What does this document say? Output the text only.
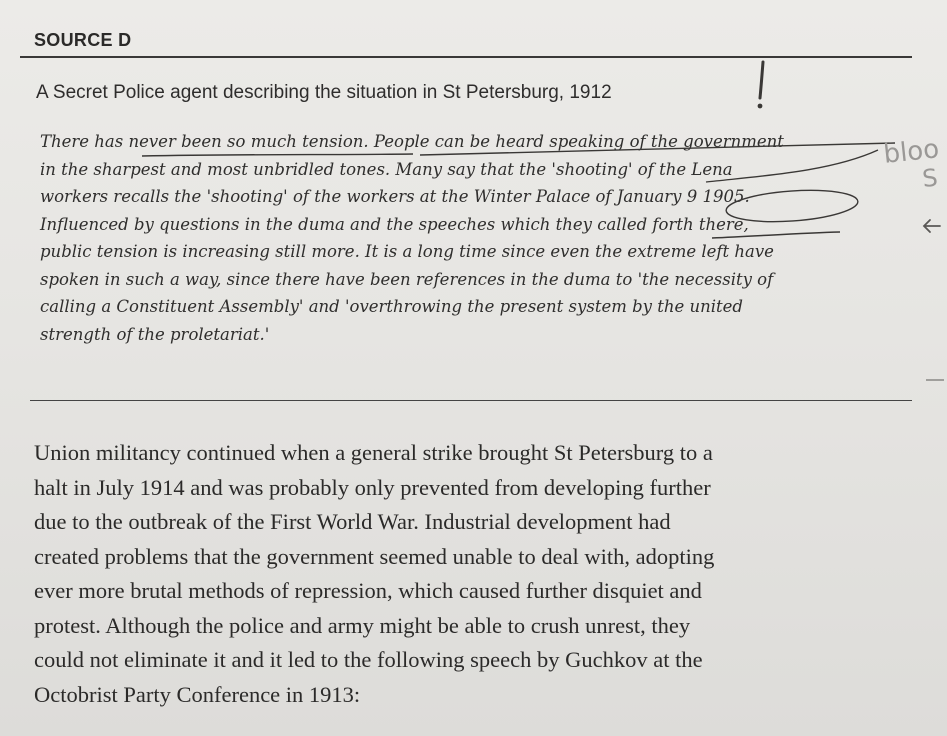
SOURCE D
A Secret Police agent describing the situation in St Petersburg, 1912
There has never been so much tension. People can be heard speaking of the government
in the sharpest and most unbridled tones. Many say that the 'shooting' of the Lena
workers recalls the 'shooting' of the workers at the Winter Palace of January 9 1905.
Influenced by questions in the duma and the speeches which they called forth there,
public tension is increasing still more. It is a long time since even the extreme left have
spoken in such a way, since there have been references in the duma to 'the necessity of
calling a Constituent Assembly' and 'overthrowing the present system by the united
strength of the proletariat.'
Union militancy continued when a general strike brought St Petersburg to a
halt in July 1914 and was probably only prevented from developing further
due to the outbreak of the First World War. Industrial development had
created problems that the government seemed unable to deal with, adopting
ever more brutal methods of repression, which caused further disquiet and
protest. Although the police and army might be able to crush unrest, they
could not eliminate it and it led to the following speech by Guchkov at the
Octobrist Party Conference in 1913:
bloo
S
